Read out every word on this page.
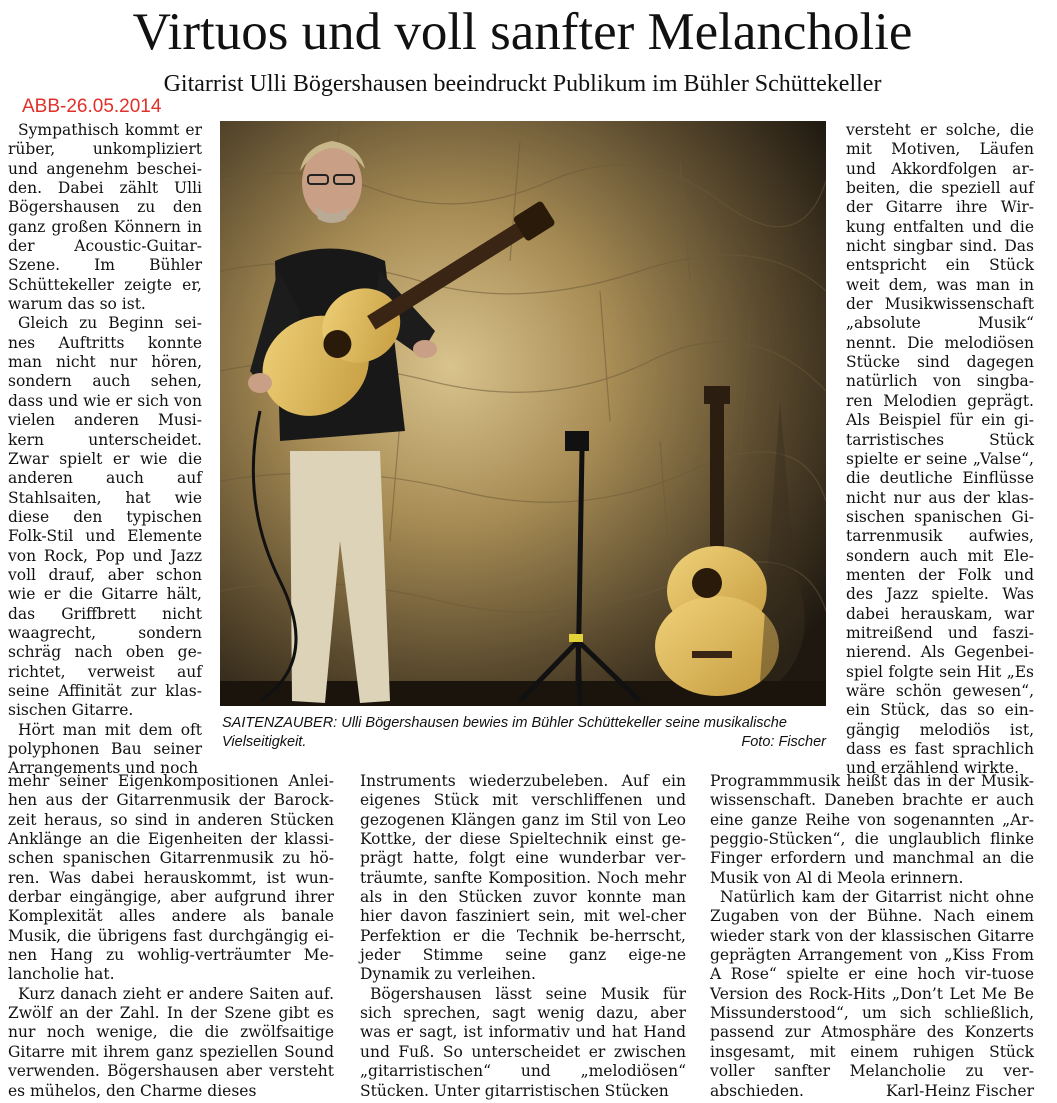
Virtuos und voll sanfter Melancholie
Gitarrist Ulli Bögershausen beeindruckt Publikum im Bühler Schüttekeller
ABB-26.05.2014

Sympathisch kommt er rüber, unkompliziert und angenehm beschei-den. Dabei zählt Ulli Bögershausen zu den ganz großen Könnern in der Acoustic-Guitar-Szene. Im Bühler Schüttekeller zeigte er, warum das so ist.

Gleich zu Beginn sei-nes Auftritts konnte man nicht nur hören, sondern auch sehen, dass und wie er sich von vielen anderen Musi-kern unterscheidet. Zwar spielt er wie die anderen auch auf Stahlsaiten, hat wie diese den typischen Folk-Stil und Elemente von Rock, Pop und Jazz voll drauf, aber schon wie er die Gitarre hält, das Griffbrett nicht waagrecht, sondern schräg nach oben ge-richtet, verweist auf seine Affinität zur klas-sischen Gitarre.

Hört man mit dem oft polyphonen Bau seiner Arrangements und noch

SAITENZAUBER: Ulli Bögershausen bewies im Bühler Schüttekeller seine musikalische Vielseitigkeit.	Foto: Fischer

mehr seiner Eigenkompositionen Anlei-hen aus der Gitarrenmusik der Barock-zeit heraus, so sind in anderen Stücken Anklänge an die Eigenheiten der klassi-schen spanischen Gitarrenmusik zu hö-ren. Was dabei herauskommt, ist wun-derbar eingängige, aber aufgrund ihrer Komplexität alles andere als banale Musik, die übrigens fast durchgängig ei-nen Hang zu wohlig-verträumter Me-lancholie hat.

Kurz danach zieht er andere Saiten auf. Zwölf an der Zahl. In der Szene gibt es nur noch wenige, die die zwölfsaitige Gitarre mit ihrem ganz speziellen Sound verwenden. Bögershausen aber versteht es mühelos, den Charme dieses

Instruments wiederzubeleben. Auf ein eigenes Stück mit verschliffenen und gezogenen Klängen ganz im Stil von Leo Kottke, der diese Spieltechnik einst ge-prägt hatte, folgt eine wunderbar ver-träumte, sanfte Komposition. Noch mehr als in den Stücken zuvor konnte man hier davon fasziniert sein, mit wel-cher Perfektion er die Technik be-herrscht, jeder Stimme seine ganz eige-ne Dynamik zu verleihen.

Bögershausen lässt seine Musik für sich sprechen, sagt wenig dazu, aber was er sagt, ist informativ und hat Hand und Fuß. So unterscheidet er zwischen „gitarristischen“ und „melodiösen“ Stücken. Unter gitarristischen Stücken

versteht er solche, die mit Motiven, Läufen und Akkordfolgen ar-beiten, die speziell auf der Gitarre ihre Wir-kung entfalten und die nicht singbar sind. Das entspricht ein Stück weit dem, was man in der Musikwissenschaft „absolute Musik“ nennt. Die melodiösen Stücke sind dagegen natürlich von singba-ren Melodien geprägt. Als Beispiel für ein gi-tarristisches Stück spielte er seine „Valse“, die deutliche Einflüsse nicht nur aus der klas-sischen spanischen Gi-tarrenmusik aufwies, sondern auch mit Ele-menten der Folk und des Jazz spielte. Was dabei herauskam, war mitreißend und faszi-nierend. Als Gegenbei-spiel folgte sein Hit „Es wäre schön gewesen“, ein Stück, das so ein-gängig melodiös ist, dass es fast sprachlich und erzählend wirkte.

Programmmusik heißt das in der Musik-wissenschaft. Daneben brachte er auch eine ganze Reihe von sogenannten „Ar-peggio-Stücken“, die unglaublich flinke Finger erfordern und manchmal an die Musik von Al di Meola erinnern.

Natürlich kam der Gitarrist nicht ohne Zugaben von der Bühne. Nach einem wieder stark von der klassischen Gitarre geprägten Arrangement von „Kiss From A Rose“ spielte er eine hoch vir-tuose Version des Rock-Hits „Don’t Let Me Be Missunderstood“, um sich schließlich, passend zur Atmosphäre des Konzerts insgesamt, mit einem ruhigen Stück voller sanfter Melancholie zu ver-abschieden.	Karl-Heinz Fischer
